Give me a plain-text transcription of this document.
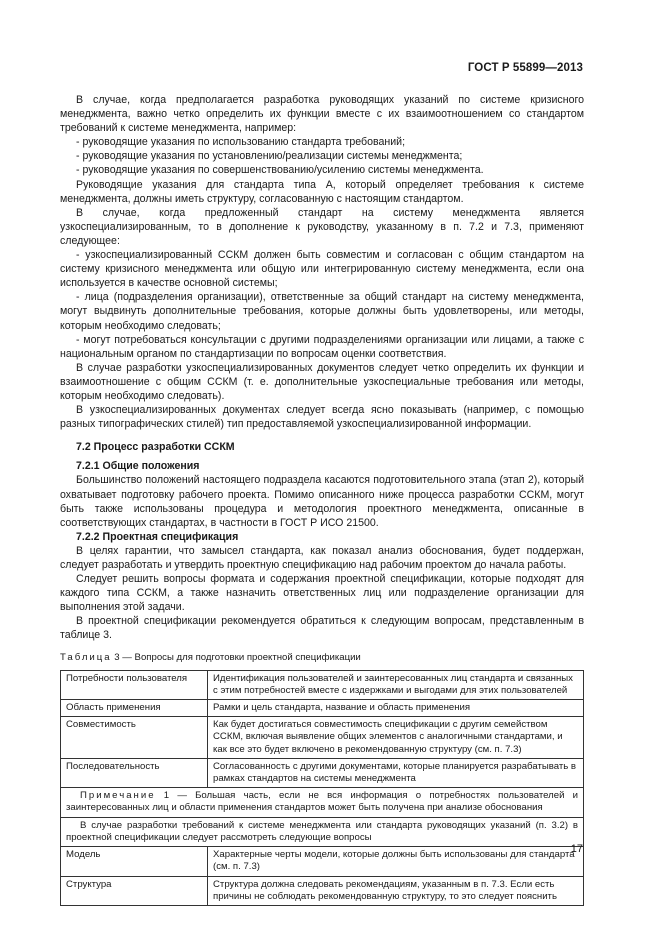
ГОСТ Р 55899—2013

В случае, когда предполагается разработка руководящих указаний по системе кризисного менеджмента, важно четко определить их функции вместе с их взаимоотношением со стандартом требований к системе менеджмента, например:

- руководящие указания по использованию стандарта требований;

- руководящие указания по установлению/реализации системы менеджмента;

- руководящие указания по совершенствованию/усилению системы менеджмента.

Руководящие указания для стандарта типа А, который определяет требования к системе менеджмента, должны иметь структуру, согласованную с настоящим стандартом.

В случае, когда предложенный стандарт на систему менеджмента является узкоспециализированным, то в дополнение к руководству, указанному в п. 7.2 и 7.3, применяют следующее:

- узкоспециализированный ССКМ должен быть совместим и согласован с общим стандартом на систему кризисного менеджмента или общую или интегрированную систему менеджмента, если она используется в качестве основной системы;

- лица (подразделения организации), ответственные за общий стандарт на систему менеджмента, могут выдвинуть дополнительные требования, которые должны быть удовлетворены, или методы, которым необходимо следовать;

- могут потребоваться консультации с другими подразделениями организации или лицами, а также с национальным органом по стандартизации по вопросам оценки соответствия.

В случае разработки узкоспециализированных документов следует четко определить их функции и взаимоотношение с общим ССКМ (т. е. дополнительные узкоспециальные требования или методы, которым необходимо следовать).

В узкоспециализированных документах следует всегда ясно показывать (например, с помощью разных типографических стилей) тип предоставляемой узкоспециализированной информации.

7.2 Процесс разработки ССКМ

7.2.1 Общие положения

Большинство положений настоящего подраздела касаются подготовительного этапа (этап 2), который охватывает подготовку рабочего проекта. Помимо описанного ниже процесса разработки ССКМ, могут быть также использованы процедура и методология проектного менеджмента, описанные в соответствующих стандартах, в частности в ГОСТ Р ИСО 21500.

7.2.2 Проектная спецификация

В целях гарантии, что замысел стандарта, как показал анализ обоснования, будет поддержан, следует разработать и утвердить проектную спецификацию над рабочим проектом до начала работы.

Следует решить вопросы формата и содержания проектной спецификации, которые подходят для каждого типа ССКМ, а также назначить ответственных лиц или подразделение организации для выполнения этой задачи.

В проектной спецификации рекомендуется обратиться к следующим вопросам, представленным в таблице 3.

Таблица 3 — Вопросы для подготовки проектной спецификации

Потребности пользователя	Идентификация пользователей и заинтересованных лиц стандарта и связанных с этим потребностей вместе с издержками и выгодами для этих пользователей
Область применения	Рамки и цель стандарта, название и область применения
Совместимость	Как будет достигаться совместимость спецификации с другим семейством ССКМ, включая выявление общих элементов с аналогичными стандартами, и как все это будет включено в рекомендованную структуру (см. п. 7.3)
Последовательность	Согласованность с другими документами, которые планируется разрабатывать в рамках стандартов на системы менеджмента
Примечание 1 — Большая часть, если не вся информация о потребностях пользователей и заинтересованных лиц и области применения стандартов может быть получена при анализе обоснования	
В случае разработки требований к системе менеджмента или стандарта руководящих указаний (п. 3.2) в проектной спецификации следует рассмотреть следующие вопросы	
Модель	Характерные черты модели, которые должны быть использованы для стандарта (см. п. 7.3)
Структура	Структура должна следовать рекомендациям, указанным в п. 7.3. Если есть причины не соблюдать рекомендованную структуру, то это следует пояснить
17
